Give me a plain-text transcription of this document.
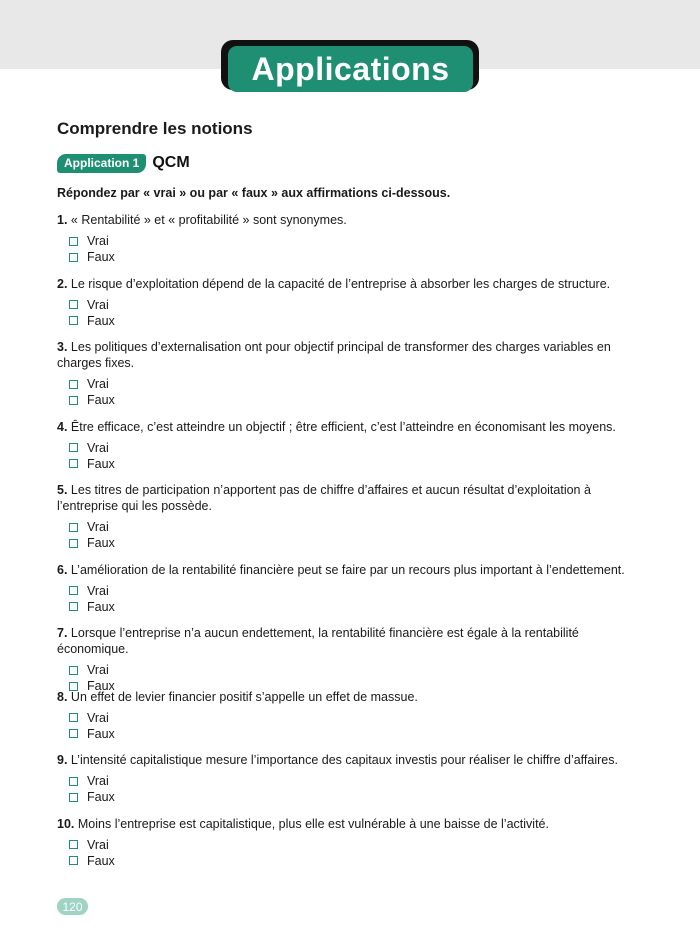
Applications
Comprendre les notions
Application 1 QCM
Répondez par « vrai » ou par « faux » aux affirmations ci-dessous.
1. « Rentabilité » et « profitabilité » sont synonymes.
Vrai
Faux
2. Le risque d’exploitation dépend de la capacité de l’entreprise à absorber les charges de structure.
Vrai
Faux
3. Les politiques d’externalisation ont pour objectif principal de transformer des charges variables en charges fixes.
Vrai
Faux
4. Être efficace, c’est atteindre un objectif ; être efficient, c’est l’atteindre en économisant les moyens.
Vrai
Faux
5. Les titres de participation n’apportent pas de chiffre d’affaires et aucun résultat d’exploitation à l’entreprise qui les possède.
Vrai
Faux
6. L’amélioration de la rentabilité financière peut se faire par un recours plus important à l’endettement.
Vrai
Faux
7. Lorsque l’entreprise n’a aucun endettement, la rentabilité financière est égale à la rentabilité économique.
Vrai
Faux
8. Un effet de levier financier positif s’appelle un effet de massue.
Vrai
Faux
9. L’intensité capitalistique mesure l’importance des capitaux investis pour réaliser le chiffre d’affaires.
Vrai
Faux
10. Moins l’entreprise est capitalistique, plus elle est vulnérable à une baisse de l’activité.
Vrai
Faux
120
